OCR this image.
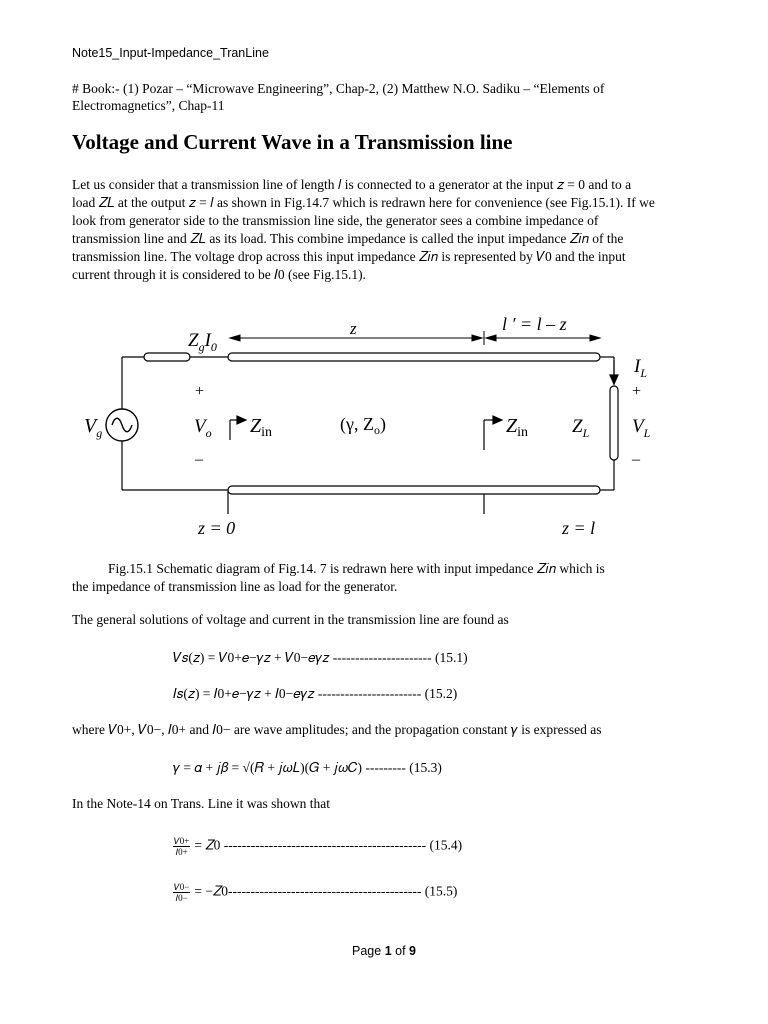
Note15_Input-Impedance_TranLine
# Book:- (1) Pozar – “Microwave Engineering”, Chap-2, (2) Matthew N.O. Sadiku – “Elements of Electromagnetics”, Chap-11
Voltage and Current Wave in a Transmission line

Let us consider that a transmission line of length 𝑙 is connected to a generator at the input 𝑧 = 0 and to a

load 𝑍𝐿 at the output 𝑧 = 𝑙 as shown in Fig.14.7 which is redrawn here for convenience (see Fig.15.1). If we

look from generator side to the transmission line side, the generator sees a combine impedance of

transmission line and 𝑍𝐿 as its load. This combine impedance is called the input impedance 𝑍𝑖𝑛 of the

transmission line. The voltage drop across this input impedance 𝑍𝑖𝑛 is represented by 𝑉0 and the input

current through it is considered to be 𝐼0 (see Fig.15.1).

$Z_gI_0$
z	l ′ = l – z
+
–
+
–
$V_g$	$V_o$ $Z_{in}$	(γ, $Z_o$)	$Z_{in}$ $Z_L$
$I_L$
$V_L$
z = 0	z = l
Fig.15.1 Schematic diagram of Fig.14. 7 is redrawn here with input impedance 𝑍𝑖𝑛 which is
the impedance of transmission line as load for the generator.
The general solutions of voltage and current in the transmission line are found as
𝑉𝑠(𝑧) = 𝑉0+𝑒−𝛾𝑧 + 𝑉0−𝑒𝛾𝑧 ---------------------- (15.1)
𝐼𝑠(𝑧) = 𝐼0+𝑒−𝛾𝑧 + 𝐼0−𝑒𝛾𝑧 ----------------------- (15.2)
where 𝑉0+, 𝑉0−, 𝐼0+ and 𝐼0− are wave amplitudes; and the propagation constant 𝛾 is expressed as
𝛾 = 𝛼 + 𝑗𝛽 = √(𝑅 + 𝑗𝜔𝐿)(𝐺 + 𝑗𝜔𝐶) --------- (15.3)
In the Note-14 on Trans. Line it was shown that
$\frac{\text{𝑉0+}}{\text{𝐼0+}}$ = 𝑍0 --------------------------------------------- (15.4)
$\frac{\text{𝑉0−}}{\text{𝐼0−}}$ = −𝑍0------------------------------------------- (15.5)
Page 1 of 9
